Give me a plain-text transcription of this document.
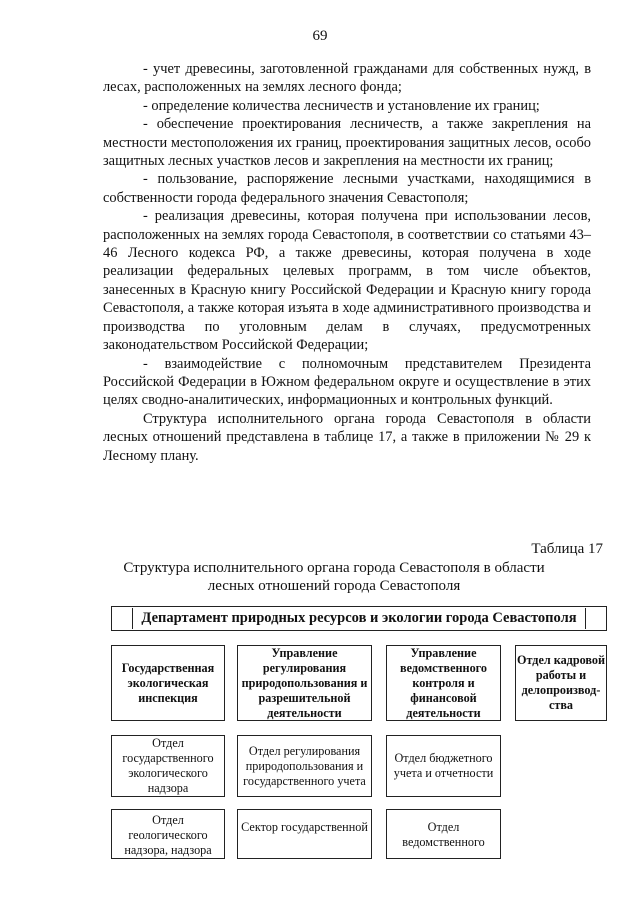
69

- учет древесины, заготовленной гражданами для собственных нужд, в лесах, расположенных на землях лесного фонда;

- определение количества лесничеств и установление их границ;

- обеспечение проектирования лесничеств, а также закрепления на местности местоположения их границ, проектирования защитных лесов, особо защитных лесных участков лесов и закрепления на местности их границ;

- пользование, распоряжение лесными участками, находящимися в собственности города федерального значения Севастополя;

- реализация древесины, которая получена при использовании лесов, расположенных на землях города Севастополя, в соответствии со статьями 43–46 Лесного кодекса РФ, а также древесины, которая получена в ходе реализации федеральных целевых программ, в том числе объектов, занесенных в Красную книгу Российской Федерации и Красную книгу города Севастополя, а также которая изъята в ходе административного производства и производства по уголовным делам в случаях, предусмотренных законодательством Российской Федерации;

- взаимодействие с полномочным представителем Президента Российской Федерации в Южном федеральном округе и осуществление в этих целях сводно-аналитических, информационных и контрольных функций.

Структура исполнительного органа города Севастополя в области лесных отношений представлена в таблице 17, а также в приложении № 29 к Лесному плану.

Таблица 17
Структура исполнительного органа города Севастополя в области лесных отношений города Севастополя
Департамент природных ресурсов и экологии города Севастополя
Государственная экологическая инспекция
Управление регулирования природопользования и разрешительной деятельности
Управление ведомственного контроля и финансовой деятельности
Отдел кадровой работы и делопроизвод-ства
Отдел государственного экологического надзора
Отдел регулирования природопользования и государственного учета
Отдел бюджетного учета и отчетности
Отдел геологического надзора, надзора
Сектор государственной	Отдел ведомственного
